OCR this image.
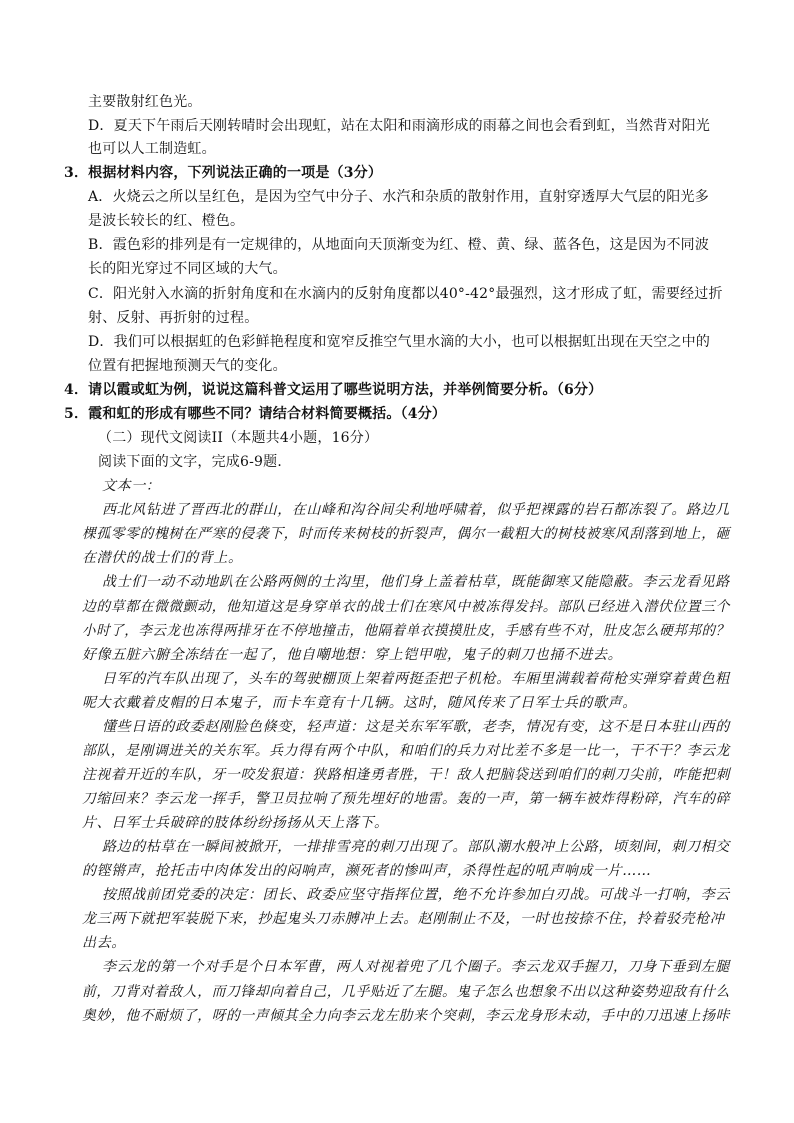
主要散射红色光。
D．夏天下午雨后天刚转晴时会出现虹，站在太阳和雨滴形成的雨幕之间也会看到虹，当然背对阳光
也可以人工制造虹。
3．根据材料内容，下列说法正确的一项是（3分）
A．火烧云之所以呈红色，是因为空气中分子、水汽和杂质的散射作用，直射穿透厚大气层的阳光多
是波长较长的红、橙色。
B．霞色彩的排列是有一定规律的，从地面向天顶渐变为红、橙、黄、绿、蓝各色，这是因为不同波
长的阳光穿过不同区域的大气。
C．阳光射入水滴的折射角度和在水滴内的反射角度都以40°-42°最强烈，这才形成了虹，需要经过折
射、反射、再折射的过程。
D．我们可以根据虹的色彩鲜艳程度和宽窄反推空气里水滴的大小，也可以根据虹出现在天空之中的
位置有把握地预测天气的变化。
4．请以霞或虹为例，说说这篇科普文运用了哪些说明方法，并举例简要分析。（6分）
5．霞和虹的形成有哪些不同？请结合材料简要概括。（4分）
（二）现代文阅读II（本题共4小题，16分）
阅读下面的文字，完成6-9题．
文本一：
西北风钻进了晋西北的群山，在山峰和沟谷间尖利地呼啸着，似乎把裸露的岩石都冻裂了。路边几
棵孤零零的槐树在严寒的侵袭下，时而传来树枝的折裂声，偶尔一截粗大的树枝被寒风刮落到地上，砸
在潜伏的战士们的背上。
战士们一动不动地趴在公路两侧的土沟里，他们身上盖着枯草，既能御寒又能隐蔽。李云龙看见路
边的草都在微微颤动，他知道这是身穿单衣的战士们在寒风中被冻得发抖。部队已经进入潜伏位置三个
小时了，李云龙也冻得两排牙在不停地撞击，他隔着单衣摸摸肚皮，手感有些不对，肚皮怎么硬邦邦的？
好像五脏六腑全冻结在一起了，他自嘲地想：穿上铠甲啦，鬼子的刺刀也捅不进去。
日军的汽车队出现了，头车的驾驶棚顶上架着两挺歪把子机枪。车厢里满载着荷枪实弹穿着黄色粗
呢大衣戴着皮帽的日本鬼子，而卡车竟有十几辆。这时，随风传来了日军士兵的歌声。
懂些日语的政委赵刚脸色倏变，轻声道：这是关东军军歌，老李，情况有变，这不是日本驻山西的
部队，是刚调进关的关东军。兵力得有两个中队，和咱们的兵力对比差不多是一比一，干不干？李云龙
注视着开近的车队，牙一咬发狠道：狭路相逢勇者胜，干！敌人把脑袋送到咱们的刺刀尖前，咋能把刺
刀缩回来？李云龙一挥手，警卫员拉响了预先埋好的地雷。轰的一声，第一辆车被炸得粉碎，汽车的碎
片、日军士兵破碎的肢体纷纷扬扬从天上落下。
路边的枯草在一瞬间被掀开，一排排雪亮的刺刀出现了。部队潮水般冲上公路，顷刻间，刺刀相交
的铿锵声，抢托击中肉体发出的闷响声，濒死者的惨叫声，杀得性起的吼声响成一片……
按照战前团党委的决定：团长、政委应坚守指挥位置，绝不允许参加白刃战。可战斗一打响，李云
龙三两下就把军装脱下来，抄起鬼头刀赤膊冲上去。赵刚制止不及，一时也按捺不住，拎着驳壳枪冲
出去。
李云龙的第一个对手是个日本军曹，两人对视着兜了几个圈子。李云龙双手握刀，刀身下垂到左腿
前，刀背对着敌人，而刀锋却向着自己，几乎贴近了左腿。鬼子怎么也想象不出以这种姿势迎敌有什么
奥妙，他不耐烦了，呀的一声倾其全力向李云龙左肋来个突刺，李云龙身形未动，手中的刀迅速上扬咔
